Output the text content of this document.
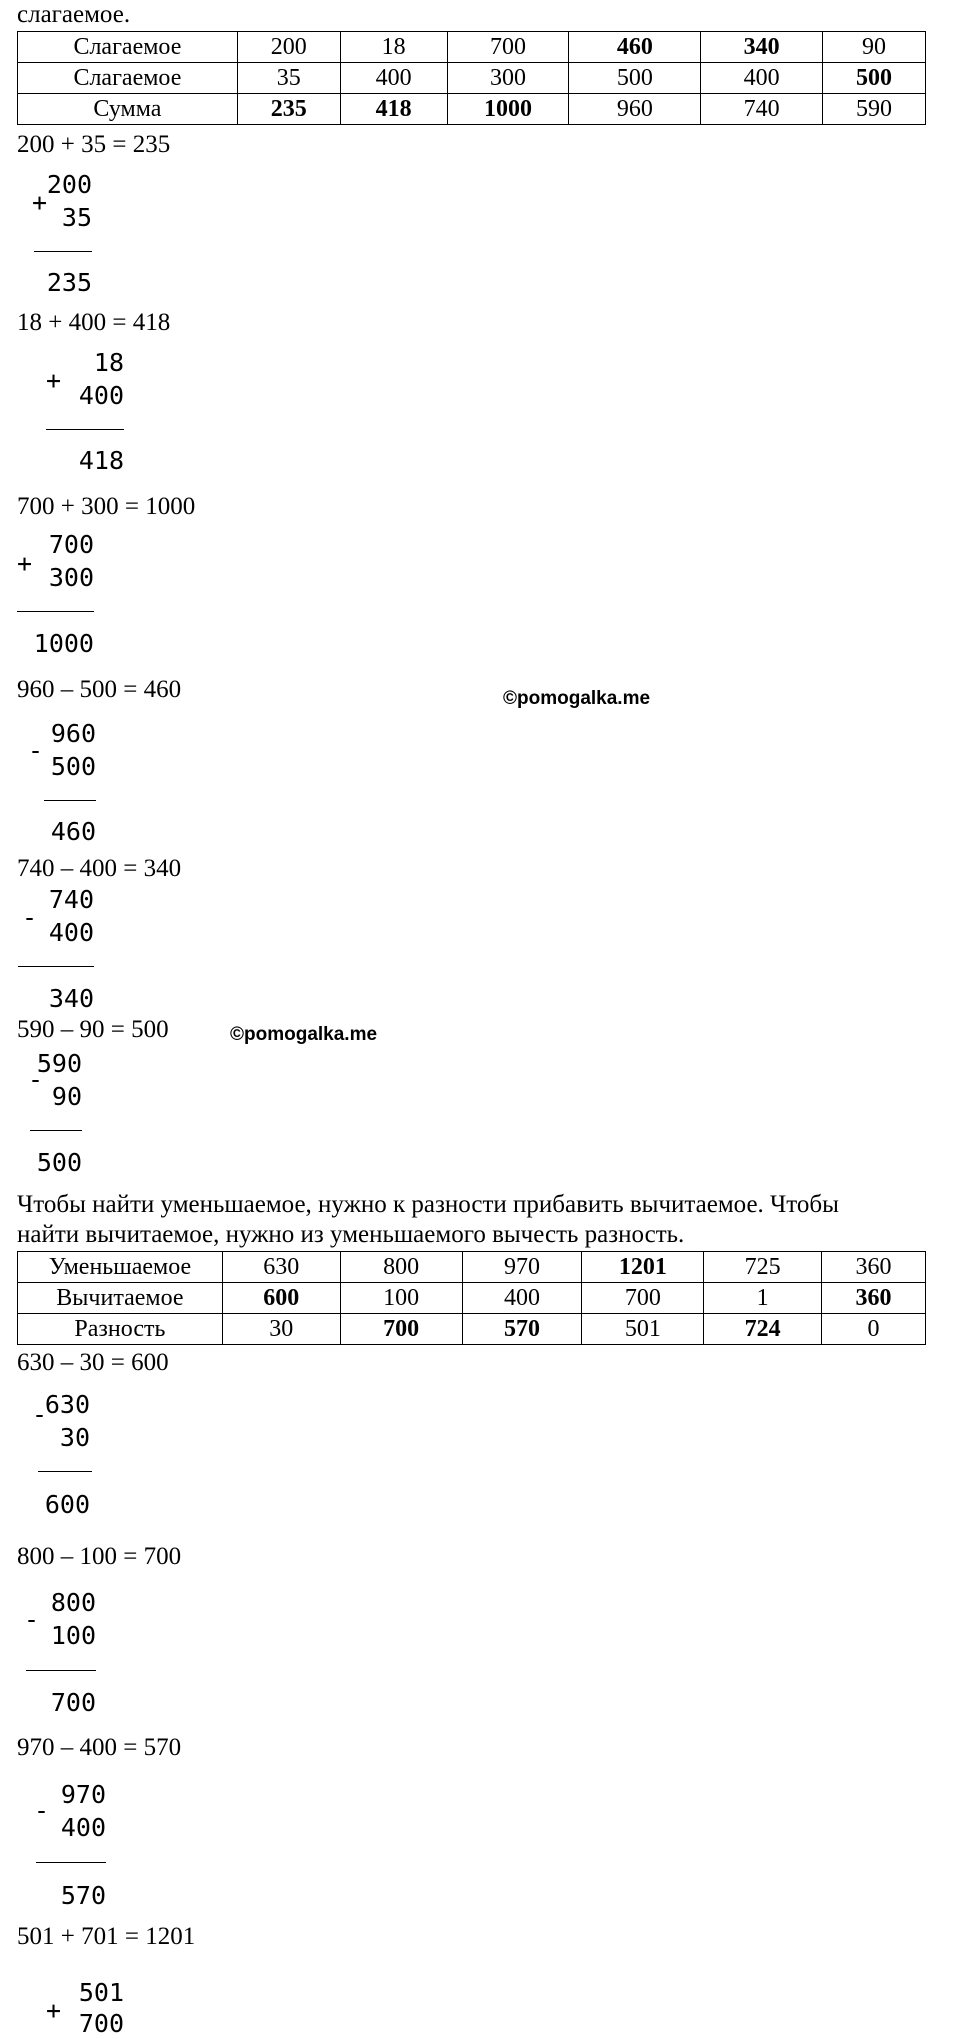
слагаемое.
Слагаемое	200	18	700	460	340	90
Слагаемое	35	400	300	500	400	500
Сумма	235	418	1000	960	740	590
200 + 35 = 235
+
200
35
235
18 + 400 = 418
+
18
400
418
700 + 300 = 1000
+
700
300
1000
960 – 500 = 460
-
960
500
460
©pomogalka.me
740 – 400 = 340
-
740
400
340
590 – 90 = 500
-
590
90
500
©pomogalka.me
Чтобы найти уменьшаемое, нужно к разности прибавить вычитаемое. Чтобы
найти вычитаемое, нужно из уменьшаемого вычесть разность.
Уменьшаемое	630	800	970	1201	725	360
Вычитаемое	600	100	400	700	1	360
Разность	30	700	570	501	724	0
630 – 30 = 600
-
630
30
600
800 – 100 = 700
-
800
100
700
970 – 400 = 570
-
970
400
570
501 + 701 = 1201
+
501
700
